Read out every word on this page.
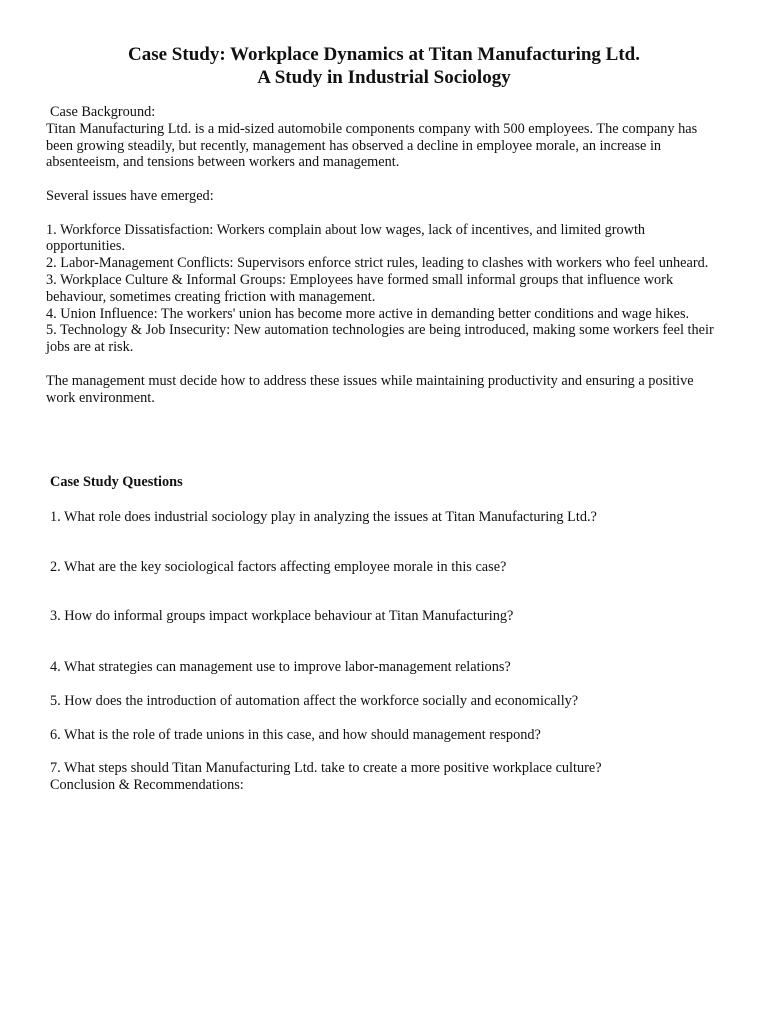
Case Study: Workplace Dynamics at Titan Manufacturing Ltd.
A Study in Industrial Sociology
Case Background:
Titan Manufacturing Ltd. is a mid-sized automobile components company with 500 employees. The company has been growing steadily, but recently, management has observed a decline in employee morale, an increase in absenteeism, and tensions between workers and management.
Several issues have emerged:
1. Workforce Dissatisfaction: Workers complain about low wages, lack of incentives, and limited growth opportunities.
2. Labor-Management Conflicts: Supervisors enforce strict rules, leading to clashes with workers who feel unheard.
3. Workplace Culture & Informal Groups: Employees have formed small informal groups that influence work behaviour, sometimes creating friction with management.
4. Union Influence: The workers' union has become more active in demanding better conditions and wage hikes.
5. Technology & Job Insecurity: New automation technologies are being introduced, making some workers feel their jobs are at risk.
The management must decide how to address these issues while maintaining productivity and ensuring a positive work environment.
Case Study Questions
1. What role does industrial sociology play in analyzing the issues at Titan Manufacturing Ltd.?
2. What are the key sociological factors affecting employee morale in this case?
3. How do informal groups impact workplace behaviour at Titan Manufacturing?
4. What strategies can management use to improve labor-management relations?
5. How does the introduction of automation affect the workforce socially and economically?
6. What is the role of trade unions in this case, and how should management respond?
7. What steps should Titan Manufacturing Ltd. take to create a more positive workplace culture?
Conclusion & Recommendations:
